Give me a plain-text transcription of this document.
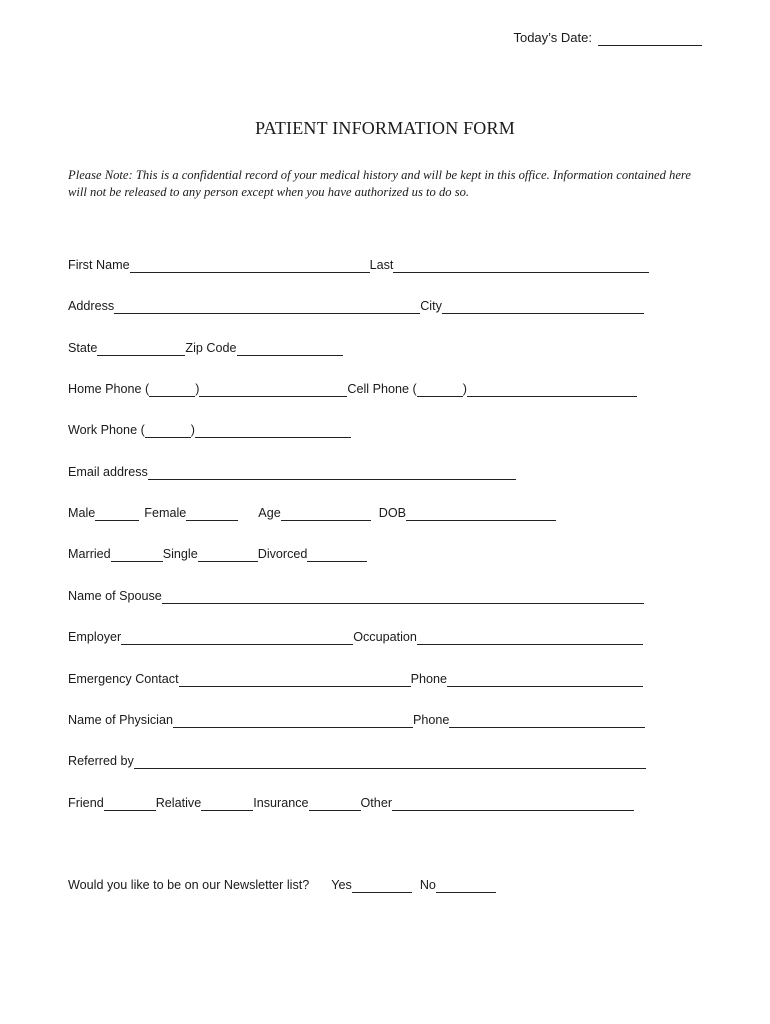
Today’s Date:
PATIENT INFORMATION FORM
Please Note: This is a confidential record of your medical history and will be kept in this office. Information contained here will not be released to any person except when you have authorized us to do so.
First Name	Last
Address	City
State	Zip Code
Home Phone (	)	Cell Phone (	)
Work Phone (	)
Email address
Male	Female	Age	DOB
Married	Single	Divorced
Name of Spouse
Employer	Occupation
Emergency Contact	Phone
Name of Physician	Phone
Referred by
Friend	Relative	Insurance	Other
Would you like to be on our Newsletter list? Yes	No
